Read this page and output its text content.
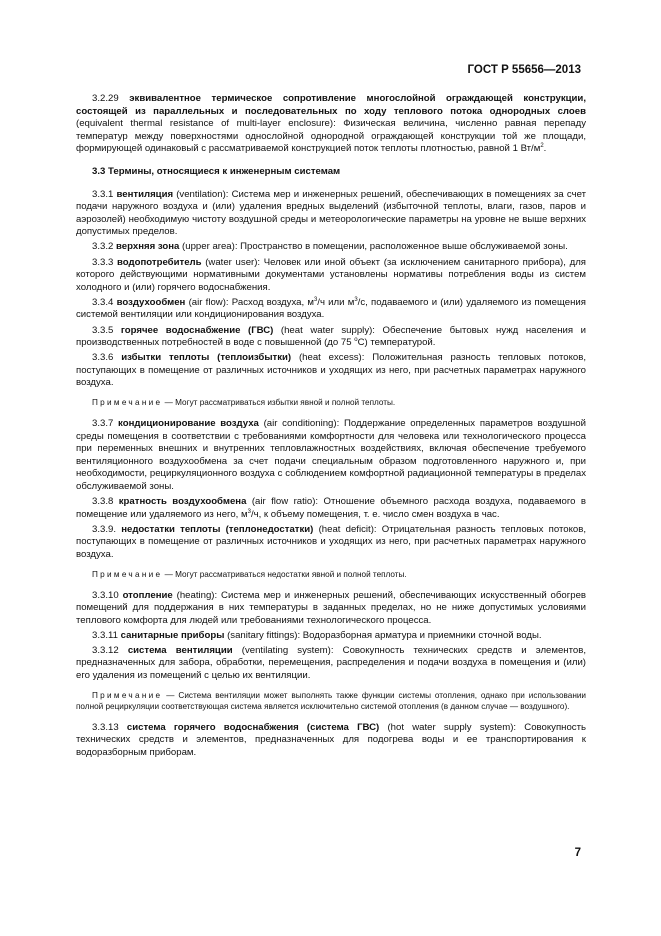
ГОСТ Р 55656—2013

3.2.29 эквивалентное термическое сопротивление многослойной ограждающей конструкции, состоящей из параллельных и последовательных по ходу теплового потока однородных слоев (equivalent thermal resistance of multi-layer enclosure): Физическая величина, численно равная перепаду температур между поверхностями однослойной однородной ограждающей конструкции той же площади, формирующей одинаковый с рассматриваемой конструкцией поток теплоты плотностью, равной 1 $Вт/м^2$.

3.3 Термины, относящиеся к инженерным системам

3.3.1 вентиляция (ventilation): Система мер и инженерных решений, обеспечивающих в помещениях за счет подачи наружного воздуха и (или) удаления вредных выделений (избыточной теплоты, влаги, газов, паров и аэрозолей) необходимую чистоту воздушной среды и метеорологические параметры на уровне не выше верхних допустимых пределов.

3.3.2 верхняя зона (upper area): Пространство в помещении, расположенное выше обслуживаемой зоны.

3.3.3 водопотребитель (water user): Человек или иной объект (за исключением санитарного прибора), для которого действующими нормативными документами установлены нормативы потребления воды из систем холодного и (или) горячего водоснабжения.

3.3.4 воздухообмен (air flow): Расход воздуха, $м^3/ч$ или $м^3/с$, подаваемого и (или) удаляемого из помещения системой вентиляции или кондиционирования воздуха.

3.3.5 горячее водоснабжение (ГВС) (heat water supply): Обеспечение бытовых нужд населения и производственных потребностей в воде с повышенной (до 75 $^о$С) температурой.

3.3.6 избытки теплоты (теплоизбытки) (heat excess): Положительная разность тепловых потоков, поступающих в помещение от различных источников и уходящих из него, при расчетных параметрах наружного воздуха.

Примечание — Могут рассматриваться избытки явной и полной теплоты.

3.3.7 кондиционирование воздуха (air conditioning): Поддержание определенных параметров воздушной среды помещения в соответствии с требованиями комфортности для человека или технологического процесса при переменных внешних и внутренних тепловлажностных воздействиях, включая обеспечение требуемого вентиляционного воздухообмена за счет подачи специальным образом подготовленного наружного и, при необходимости, рециркуляционного воздуха с соблюдением комфортной радиационной температуры в пределах обслуживаемой зоны.

3.3.8 кратность воздухообмена (air flow ratio): Отношение объемного расхода воздуха, подаваемого в помещение или удаляемого из него, $м^3/ч$, к объему помещения, т. е. число смен воздуха в час.

3.3.9. недостатки теплоты (теплонедостатки) (heat deficit): Отрицательная разность тепловых потоков, поступающих в помещение от различных источников и уходящих из него, при расчетных параметрах наружного воздуха.

Примечание — Могут рассматриваться недостатки явной и полной теплоты.

3.3.10 отопление (heating): Система мер и инженерных решений, обеспечивающих искусственный обогрев помещений для поддержания в них температуры в заданных пределах, но не ниже допустимых условиями теплового комфорта для людей или требованиями технологического процесса.

3.3.11 санитарные приборы (sanitary fittings): Водоразборная арматура и приемники сточной воды.

3.3.12 система вентиляции (ventilating system): Совокупность технических средств и элементов, предназначенных для забора, обработки, перемещения, распределения и подачи воздуха в помещения и (или) его удаления из помещений с целью их вентиляции.

Примечание — Система вентиляции может выполнять также функции системы отопления, однако при использовании полной рециркуляции соответствующая система является исключительно системой отопления (в данном случае — воздушного).

3.3.13 система горячего водоснабжения (система ГВС) (hot water supply system): Совокупность технических средств и элементов, предназначенных для подогрева воды и ее транспортирования к водоразборным приборам.

7
